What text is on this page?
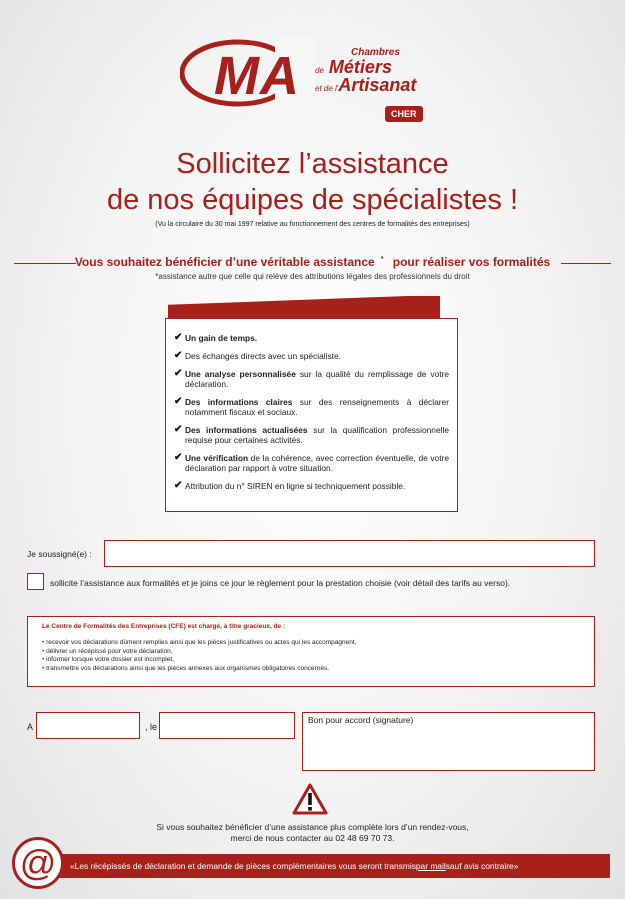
M A	Chambres
de Métiers
et de l'Artisanat
CHER
Sollicitez l’assistance
de nos équipes de spécialistes !
(Vu la circulaire du 30 mai 1997 relative au fonctionnement des centres de formalités des entreprises)
Vous souhaitez bénéficier d’une véritable assistance * pour réaliser vos formalités
*assistance autre que celle qui relève des attributions légales des professionnels du droit
✔ Un gain de temps.
✔ Des échanges directs avec un spécialiste.
✔ Une analyse personnalisée sur la qualité du remplissage de votre déclaration.
✔ Des informations claires sur des renseignements à déclarer notamment fiscaux et sociaux.
✔ Des informations actualisées sur la qualification professionnelle requise pour certaines activités.
✔ Une vérification de la cohérence, avec correction éventuelle, de votre déclaration par rapport à votre situation.
✔ Attribution du n° SIREN en ligne si techniquement possible.
Je soussigné(e) :
sollicite l’assistance aux formalités et je joins ce jour le règlement pour la prestation choisie (voir détail des tarifs au verso).
Le Centre de Formalités des Entreprises (CFE) est chargé, à titre gracieux, de :
• recevoir vos déclarations dûment remplies ainsi que les pièces justificatives ou actes qui les accompagnent,
• délivrer un récépissé pour votre déclaration,
• informer lorsque votre dossier est incomplet,
• transmettre vos déclarations ainsi que les pièces annexes aux organismes obligatoires concernés.
A	, le
Bon pour accord (signature)
Si vous souhaitez bénéficier d’une assistance plus complète lors d’un rendez-vous,
merci de nous contacter au 02 48 69 70 73.
«Les récépissés de déclaration et demande de pièces complémentaires vous seront transmis par mail sauf avis contraire»
@
